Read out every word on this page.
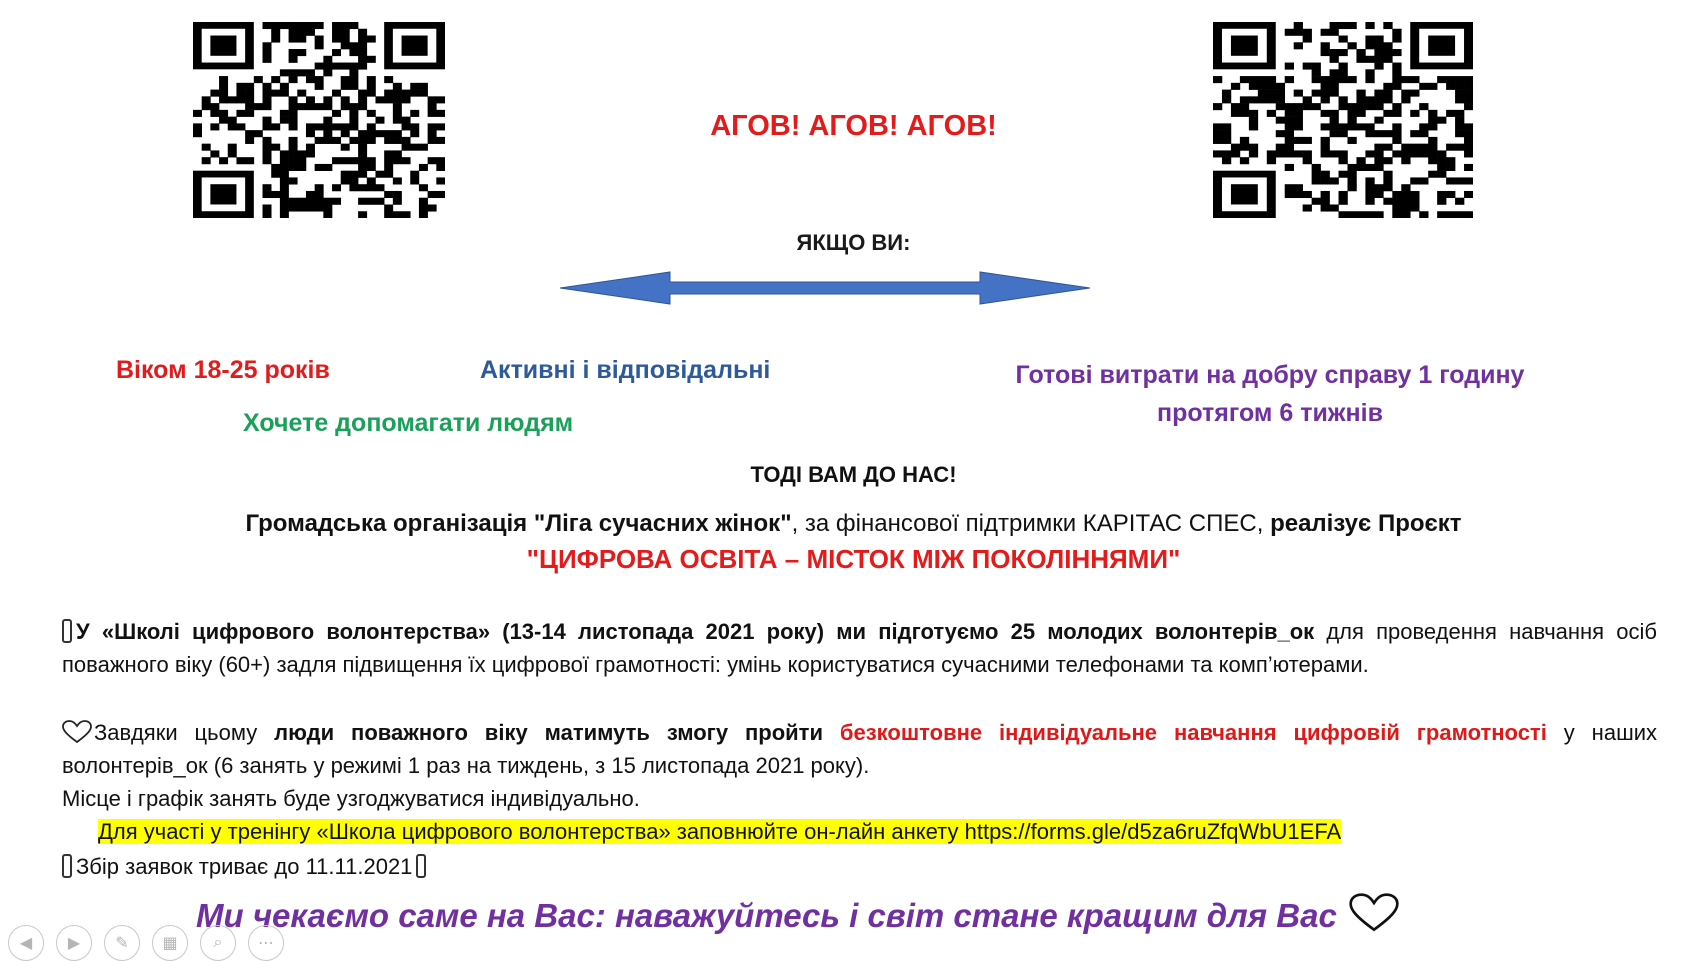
АГОВ! АГОВ! АГОВ!
ЯКЩО ВИ:
Віком 18-25 років	Активні і відповідальні
Хочете допомагати людям
Готові витрати на добру справу 1 годину
протягом 6 тижнів
ТОДІ ВАМ ДО НАС!
Громадська організація "Ліга сучасних жінок", за фінансової підтримки КАРІТАС СПЕС, реалізує Проєкт
"ЦИФРОВА ОСВІТА – МІСТОК МІЖ ПОКОЛІННЯМИ"
У «Школі цифрового волонтерства» (13-14 листопада 2021 року) ми підготуємо 25 молодих волонтерів_ок для проведення навчання осіб поважного віку (60+) задля підвищення їх цифрової грамотності: умінь користуватися сучасними телефонами та комп’ютерами.
Завдяки цьому люди поважного віку матимуть змогу пройти безкоштовне індивідуальне навчання цифровій грамотності у наших волонтерів_ок (6 занять у режимі 1 раз на тиждень, з 15 листопада 2021 року).
Місце і графік занять буде узгоджуватися індивідуально.
Для участі у тренінгу «Школа цифрового волонтерства» заповнюйте он-лайн анкету https://forms.gle/d5za6ruZfqWbU1EFA
Збір заявок триває до 11.11.2021
Ми чекаємо саме на Вас: наважуйтесь і світ стане кращим для Вас
◀	▶	✎	▦	⌕	⋯
